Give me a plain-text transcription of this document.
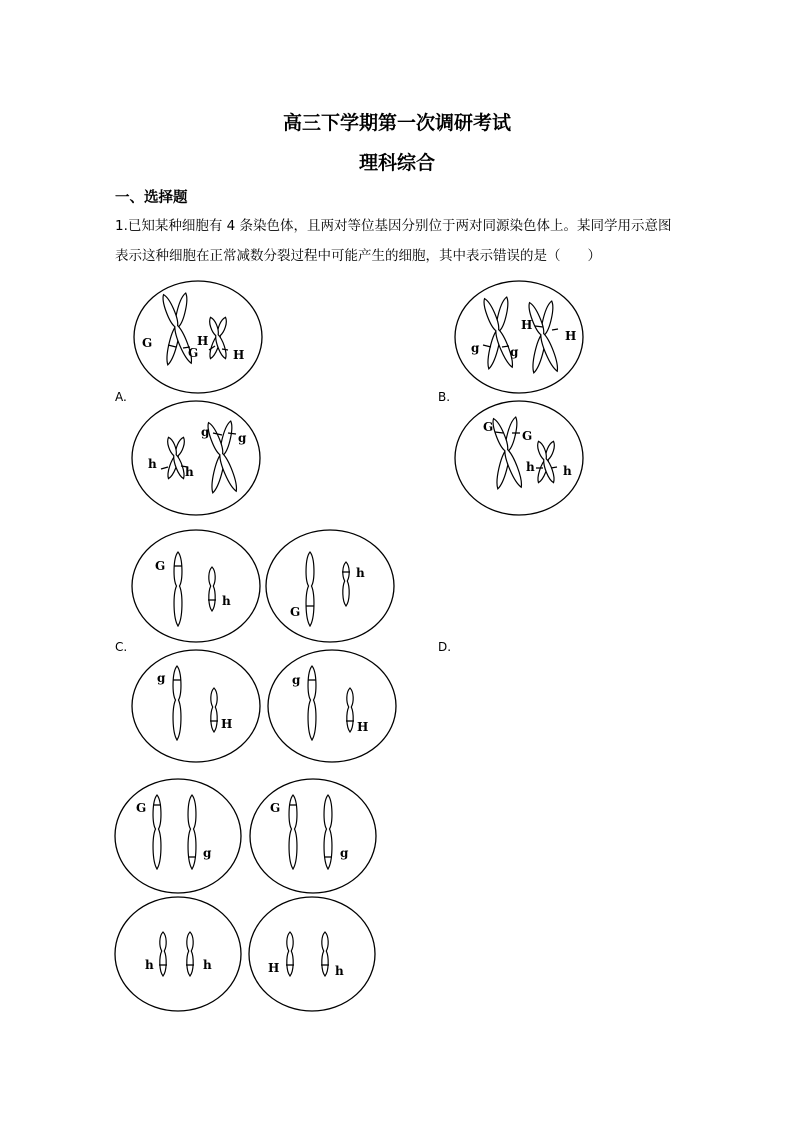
高三下学期第一次调研考试
理科综合
一、选择题
1.已知某种细胞有 4 条染色体，且两对等位基因分别位于两对同源染色体上。某同学用示意图
表示这种细胞在正常减数分裂过程中可能产生的细胞，其中表示错误的是（　　）
A.	B.
C.	D.
G
G
H
H
h
h
g g
g	g
H
H
G
G
h h
G
h
h
G
g
H
g
H
G
g
G
g
h	h	H	h
